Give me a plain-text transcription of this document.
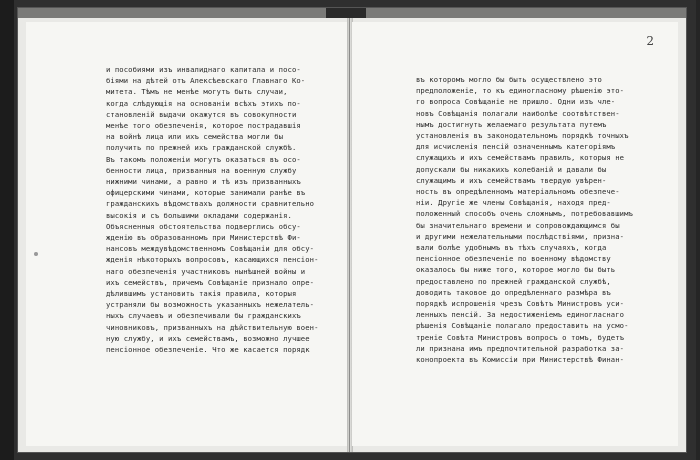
и пособиями изъ инвалиднаго капитала и посо-
біями на дѣтей отъ Алексѣевскаго Главнаго Ко-
митета. Тѣмъ не менѣе могутъ быть случаи,
когда слѣдующія на основаніи всѣхъ этихъ по-
становленій выдачи окажутся въ совокупности
менѣе того обезпеченія, которое пострадавшія
на войнѣ лица или ихъ семейства могли бы
получить по прежней ихъ гражданской службѣ.
Въ такомъ положеніи могутъ оказаться въ осо-
бенности лица, призванныя на военную службу
нижними чинами, а равно и тѣ изъ призванныхъ
офицерскими чинами, которые занимали ранѣе въ
гражданскихъ вѣдомствахъ должности сравнительно
высокія и съ большими окладами содержанія.
Объясненныя обстоятельства подверглись обсу-
жденію въ образованномъ при Министерствѣ Фи-
нансовъ междувѣдомственномъ Совѣщаніи для обсу-
жденія нѣкоторыхъ вопросовъ, касающихся пенсіон-
наго обезпеченія участниковъ нынѣшней войны и
ихъ семействъ, причемъ Совѣщаніе признало опре-
дѣлившимъ установить такія правила, которыя
устраняли бы возможность указанныхъ нежелатель-
ныхъ случаевъ и обезпечивали бы гражданскихъ
чиновниковъ, призванныхъ на дѣйствительную воен-
ную службу, и ихъ семействамъ, возможно лучшее
пенсіонное обезпеченіе. Что же касается порядк
2
въ которомъ могло бы быть осуществлено это
предположеніе, то къ единогласному рѣшенію это-
го вопроса Совѣщаніе не пришло. Одни изъ чле-
новъ Совѣщанія полагали наиболѣе соотвѣтствен-
нымъ достигнуть желаемаго результата путемъ
установленія въ законодательномъ порядкѣ точныхъ
для исчисленія пенсій означеннымъ категоріямъ
служащихъ и ихъ семействамъ правилъ, которыя не
допускали бы никакихъ колебаній и давали бы
служащимъ и ихъ семействамъ твердую увѣрен-
ность въ опредѣленномъ матеріальномъ обезпече-
ніи. Другіе же члены Совѣщанія, находя пред-
положенный способъ очень сложнымъ, потребовавшимъ
бы значительнаго времени и сопровождающимся бы
и другими нежелательными послѣдствіями, призна-
вали болѣе удобнымъ въ тѣхъ случаяхъ, когда
пенсіонное обезпеченіе по военному вѣдомству
оказалось бы ниже того, которое могло бы быть
предоставлено по прежней гражданской службѣ,
доводить таковое до опредѣленнаго размѣра въ
порядкѣ испрошенія чрезъ Совѣтъ Министровъ уси-
ленныхъ пенсій. За недостиженіемъ единогласнаго
рѣшенія Совѣщаніе полагало предоставить на усмо-
треніе Совѣта Министровъ вопросъ о томъ, будетъ
ли признана имъ предпочтительной разработка за-
конопроекта въ Комиссіи при Министерствѣ Финан-
